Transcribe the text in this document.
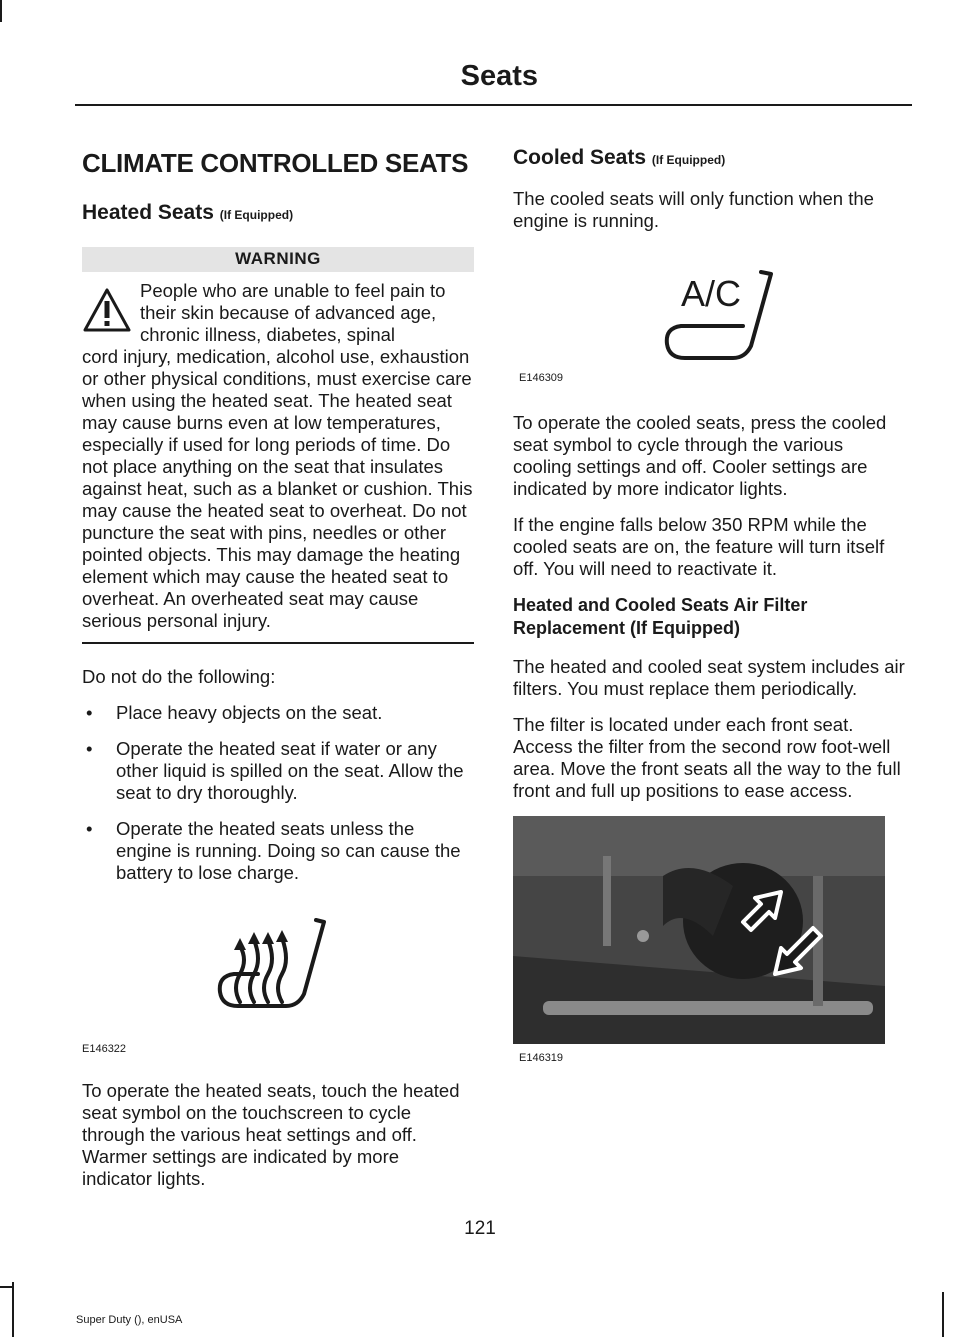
Seats
CLIMATE CONTROLLED SEATS
Heated Seats (If Equipped)
WARNING
People who are unable to feel pain to their skin because of advanced age, chronic illness, diabetes, spinal
cord injury, medication, alcohol use, exhaustion or other physical conditions, must exercise care when using the heated seat. The heated seat may cause burns even at low temperatures, especially if used for long periods of time. Do not place anything on the seat that insulates against heat, such as a blanket or cushion. This may cause the heated seat to overheat. Do not puncture the seat with pins, needles or other pointed objects. This may damage the heating element which may cause the heated seat to overheat. An overheated seat may cause serious personal injury.

Do not do the following:

• Place heavy objects on the seat.
• Operate the heated seat if water or any other liquid is spilled on the seat. Allow the seat to dry thoroughly.
• Operate the heated seats unless the engine is running. Doing so can cause the battery to lose charge.
E146322

To operate the heated seats, touch the heated seat symbol on the touchscreen to cycle through the various heat settings and off. Warmer settings are indicated by more indicator lights.

Cooled Seats (If Equipped)

The cooled seats will only function when the engine is running.

A/C
E146309

To operate the cooled seats, press the cooled seat symbol to cycle through the various cooling settings and off. Cooler settings are indicated by more indicator lights.

If the engine falls below 350 RPM while the cooled seats are on, the feature will turn itself off. You will need to reactivate it.

Heated and Cooled Seats Air Filter Replacement (If Equipped)

The heated and cooled seat system includes air filters. You must replace them periodically.

The filter is located under each front seat. Access the filter from the second row foot-well area. Move the front seats all the way to the full front and full up positions to ease access.

E146319
121
Super Duty (), enUSA
